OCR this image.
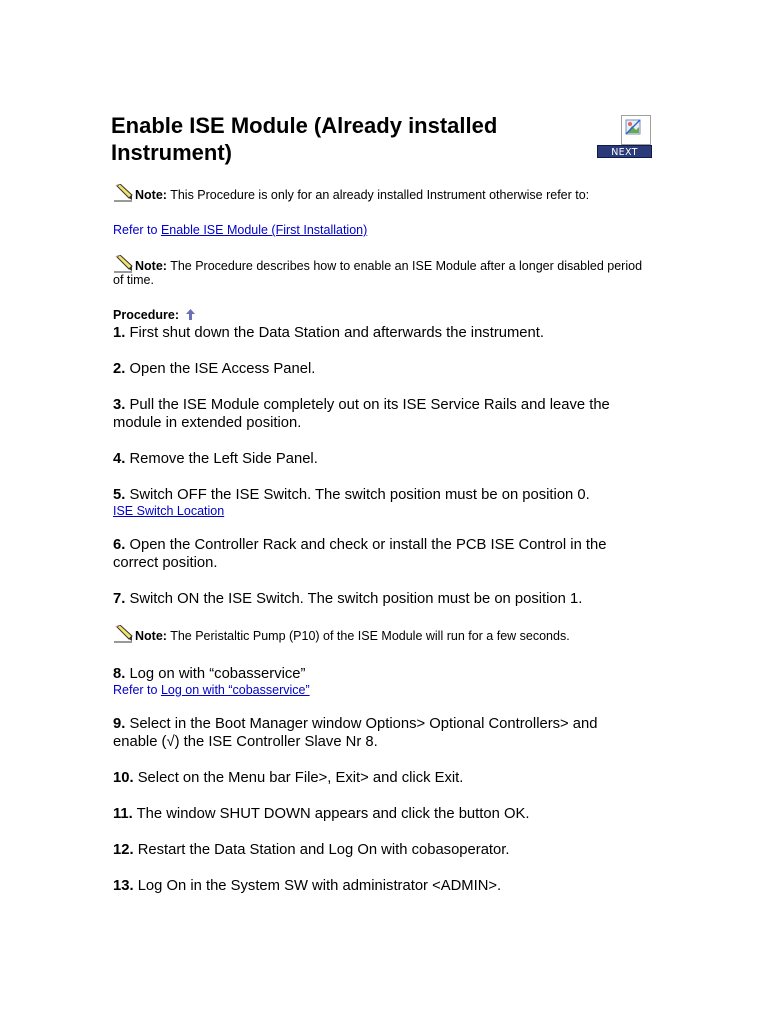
Enable ISE Module (Already installed Instrument)	NEXT PAGE
Note: This Procedure is only for an already installed Instrument otherwise refer to:
Refer to Enable ISE Module (First Installation)
Note: The Procedure describes how to enable an ISE Module after a longer disabled period of time.
Procedure:
1. First shut down the Data Station and afterwards the instrument.
2. Open the ISE Access Panel.
3. Pull the ISE Module completely out on its ISE Service Rails and leave the module in extended position.
4. Remove the Left Side Panel.
5. Switch OFF the ISE Switch. The switch position must be on position 0.
ISE Switch Location
6. Open the Controller Rack and check or install the PCB ISE Control in the correct position.
7. Switch ON the ISE Switch. The switch position must be on position 1.
Note: The Peristaltic Pump (P10) of the ISE Module will run for a few seconds.
8. Log on with “cobasservice”
Refer to Log on with “cobasservice”
9. Select in the Boot Manager window Options> Optional Controllers> and enable (√) the ISE Controller Slave Nr 8.
10. Select on the Menu bar File>, Exit> and click Exit.
11. The window SHUT DOWN appears and click the button OK.
12. Restart the Data Station and Log On with cobasoperator.
13. Log On in the System SW with administrator <ADMIN>.
